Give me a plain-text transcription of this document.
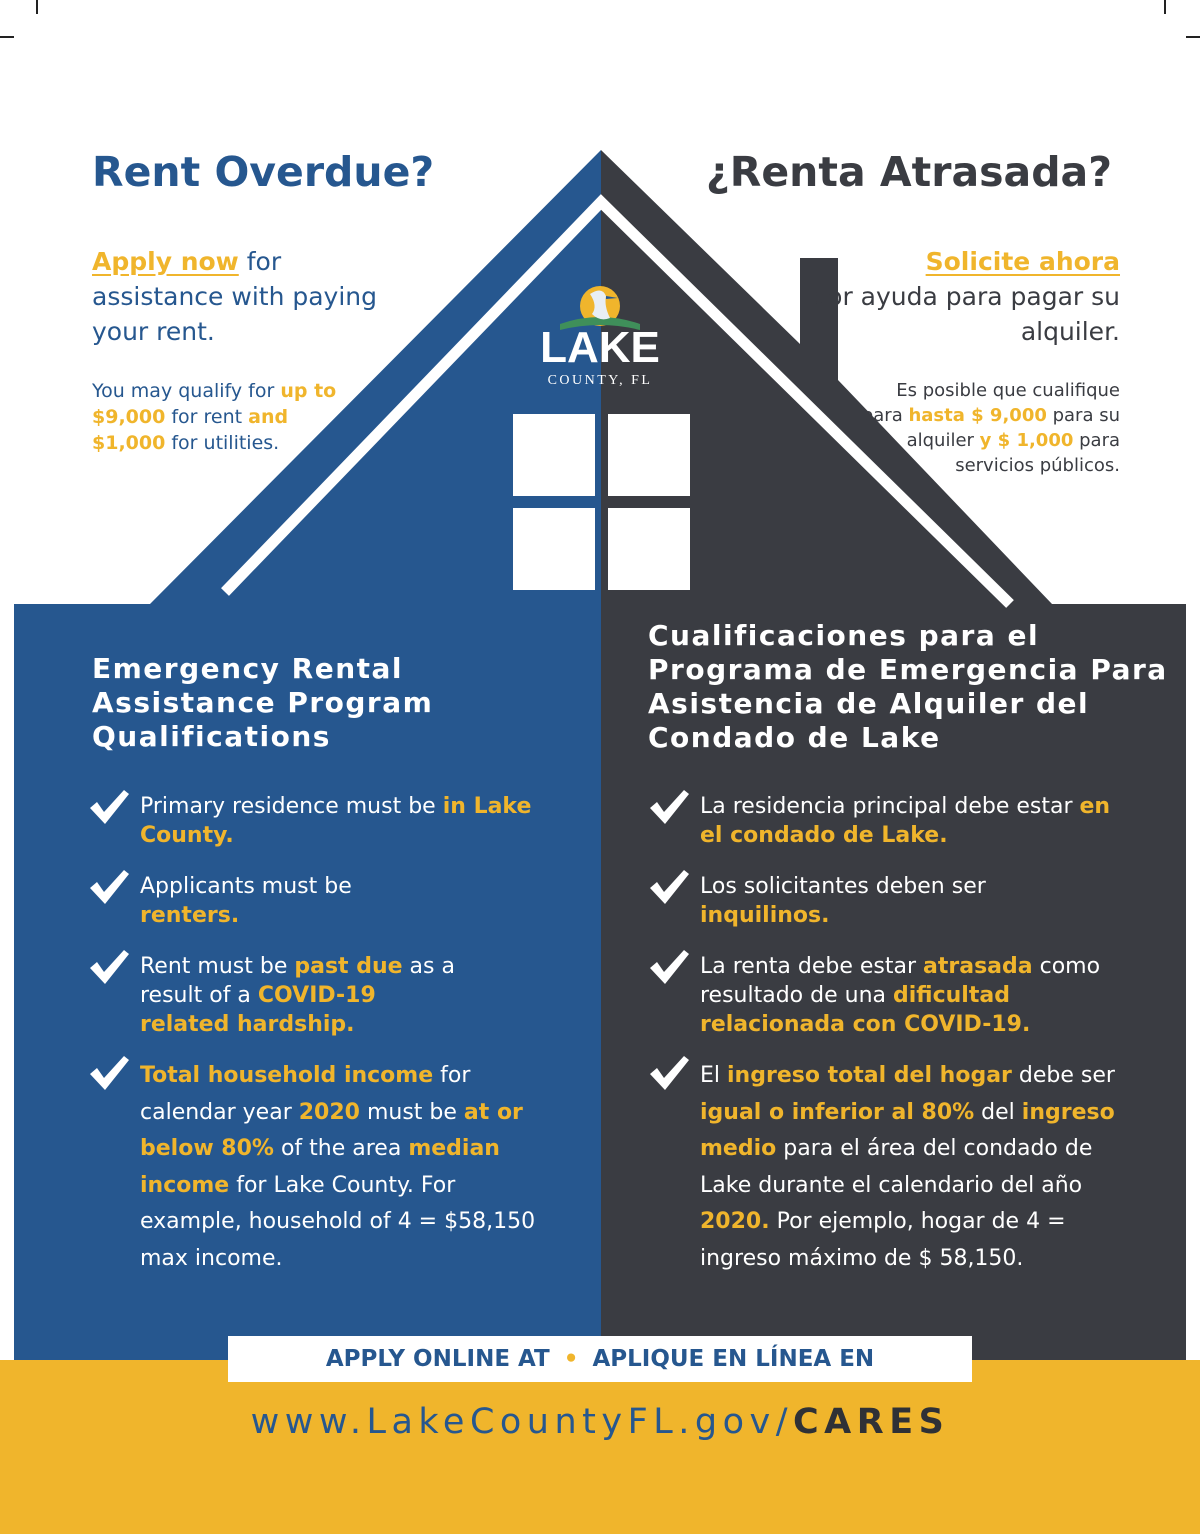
Rent Overdue?	¿Renta Atrasada?
Apply now for assistance with paying your rent.
You may qualify for up to $9,000 for rent and $1,000 for utilities.
Solicite ahora
por ayuda para pagar su alquiler.
Es posible que cualifique para hasta $ 9,000 para su alquiler y $ 1,000 para servicios públicos.
LAKE
COUNTY, FL
Emergency Rental Assistance Program Qualifications
Cualificaciones para el Programa de Emergencia Para Asistencia de Alquiler del Condado de Lake
Primary residence must be in Lake County.
Applicants must be renters.
Rent must be past due as a result of a COVID-19 related hardship.
Total household income for calendar year 2020 must be at or below 80% of the area median income for Lake County. For example, household of 4 = $58,150 max income.
La residencia principal debe estar en el condado de Lake.
Los solicitantes deben ser inquilinos.
La renta debe estar atrasada como resultado de una dificultad relacionada con COVID-19.
El ingreso total del hogar debe ser igual o inferior al 80% del ingreso medio para el área del condado de Lake durante el calendario del año 2020. Por ejemplo, hogar de 4 = ingreso máximo de $ 58,150.
APPLY ONLINE AT • APLIQUE EN LÍNEA EN
www.LakeCountyFL.gov/CARES
